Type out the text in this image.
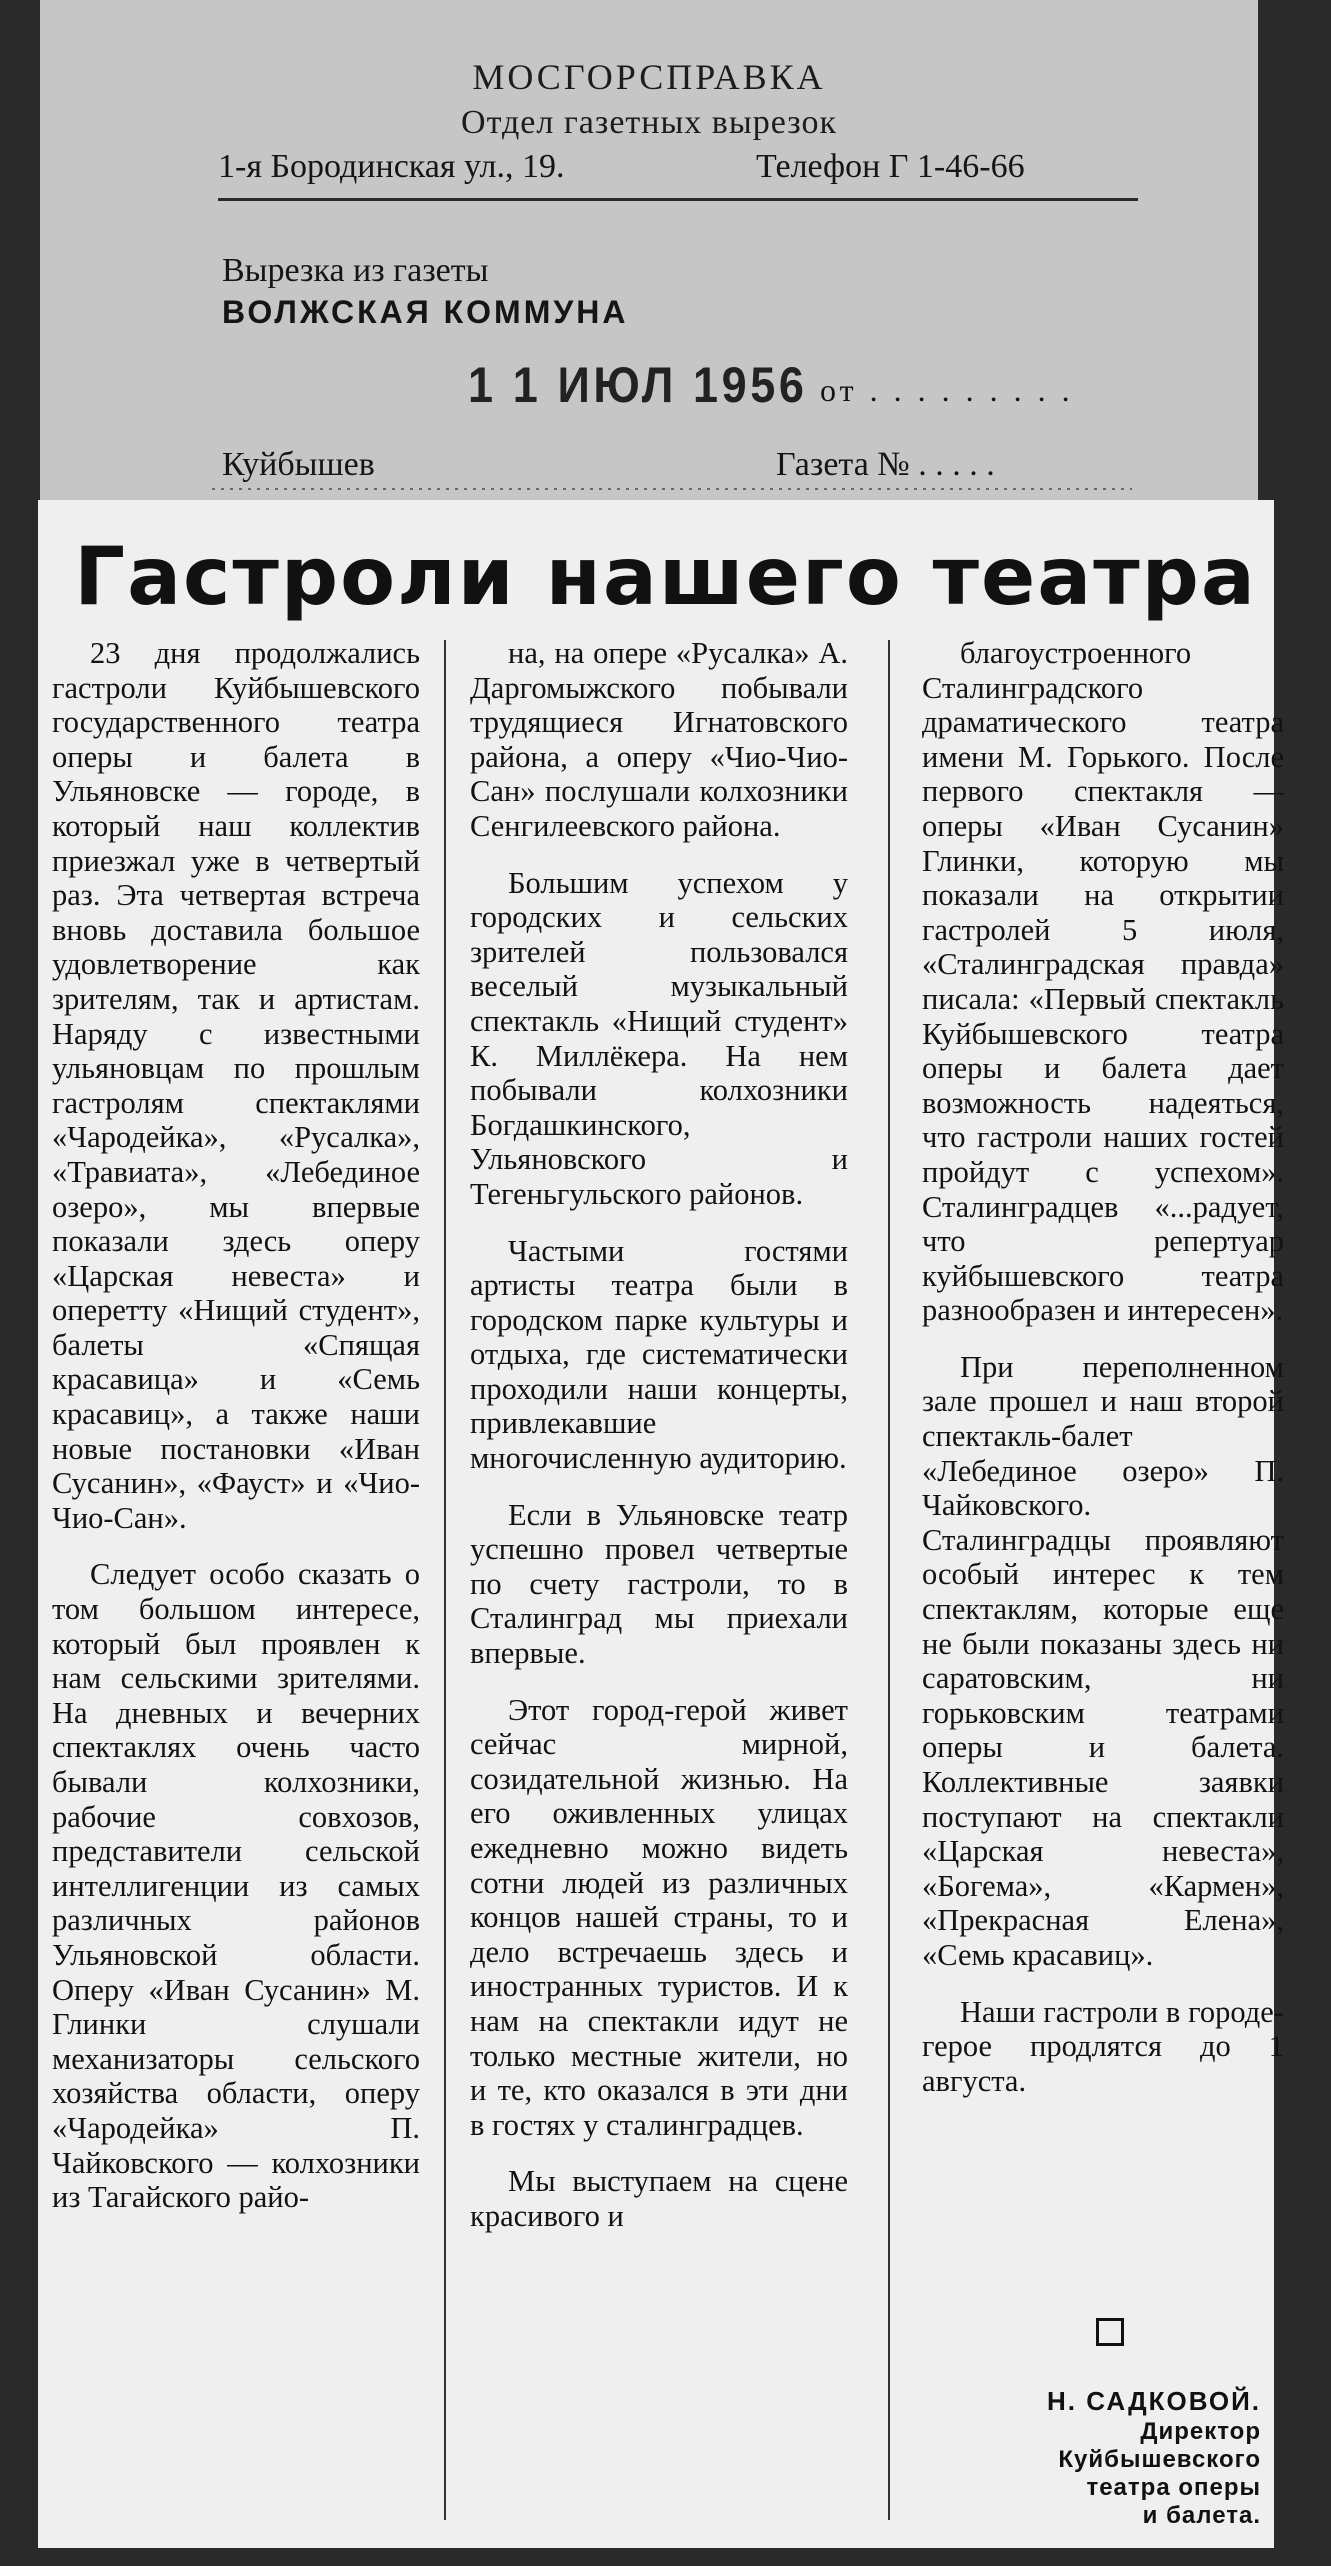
МОСГОРСПРАВКА
Отдел газетных вырезок
1-я Бородинская ул., 19.	Телефон Г 1-46-66
Вырезка из газеты
ВОЛЖСКАЯ КОММУНА
1 1 ИЮЛ 1956 от . . . . . . . . .
Куйбышев	Газета № . . . . .
Гастроли нашего театра

23 дня продолжались гастроли Куйбышевского государственного театра оперы и балета в Ульяновске — городе, в который наш коллектив приезжал уже в четвертый раз. Эта четвертая встреча вновь доставила большое удовлетворение как зрителям, так и артистам. Наряду с известными ульяновцам по прошлым гастролям спектаклями «Чародейка», «Русалка», «Травиата», «Лебединое озеро», мы впервые показали здесь оперу «Царская невеста» и оперетту «Нищий студент», балеты «Спящая красавица» и «Семь красавиц», а также наши новые постановки «Иван Сусанин», «Фауст» и «Чио-Чио-Сан».

Следует особо сказать о том большом интересе, который был проявлен к нам сельскими зрителями. На дневных и вечерних спектаклях очень часто бывали колхозники, рабочие совхозов, представители сельской интеллигенции из самых различных районов Ульяновской области. Оперу «Иван Сусанин» М. Глинки слушали механизаторы сельского хозяйства области, оперу «Чародейка» П. Чайковского — колхозники из Тагайского райо-

на, на опере «Русалка» А. Даргомыжского побывали трудящиеся Игнатовского района, а оперу «Чио-Чио-Сан» послушали колхозники Сенгилеевского района.

Большим успехом у городских и сельских зрителей пользовался веселый музыкальный спектакль «Нищий студент» К. Миллёкера. На нем побывали колхозники Богдашкинского, Ульяновского и Тегеньгульского районов.

Частыми гостями артисты театра были в городском парке культуры и отдыха, где систематически проходили наши концерты, привлекавшие многочисленную аудиторию.

Если в Ульяновске театр успешно провел четвертые по счету гастроли, то в Сталинград мы приехали впервые.

Этот город-герой живет сейчас мирной, созидательной жизнью. На его оживленных улицах ежедневно можно видеть сотни людей из различных концов нашей страны, то и дело встречаешь здесь и иностранных туристов. И к нам на спектакли идут не только местные жители, но и те, кто оказался в эти дни в гостях у сталинградцев.

Мы выступаем на сцене красивого и

благоустроенного Сталинградского драматического театра имени М. Горького. После первого спектакля — оперы «Иван Сусанин» Глинки, которую мы показали на открытии гастролей 5 июля, «Сталинградская правда» писала: «Первый спектакль Куйбышевского театра оперы и балета дает возможность надеяться, что гастроли наших гостей пройдут с успехом». Сталинградцев «...радует, что репертуар куйбышевского театра разнообразен и интересен».

При переполненном зале прошел и наш второй спектакль-балет «Лебединое озеро» П. Чайковского. Сталинградцы проявляют особый интерес к тем спектаклям, которые еще не были показаны здесь ни саратовским, ни горьковским театрами оперы и балета. Коллективные заявки поступают на спектакли «Царская невеста», «Богема», «Кармен», «Прекрасная Елена», «Семь красавиц».

Наши гастроли в городе-герое продлятся до 1 августа.

Н. САДКОВОЙ.
Директор
Куйбышевского
театра оперы
и балета.
